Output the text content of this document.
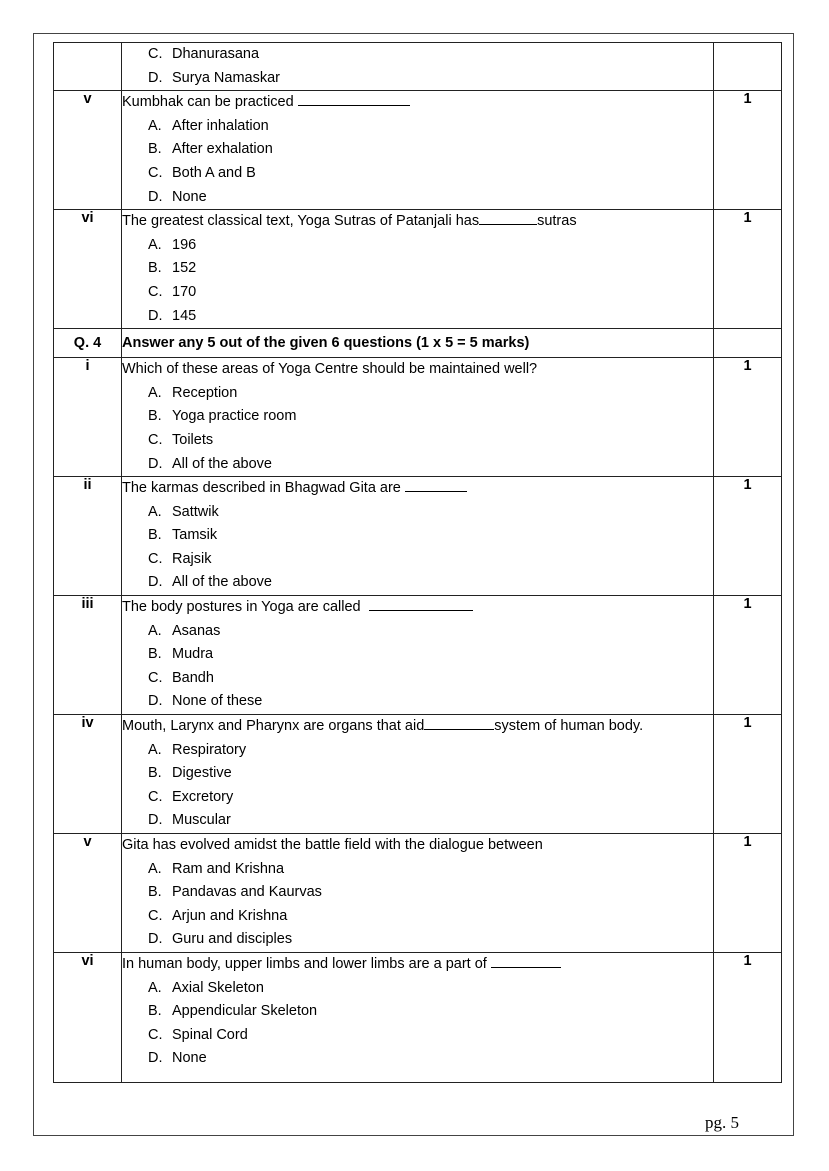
	C. Dhanurasana
D. Surya Namaskar	

v	Kumbhak can be practiced
A. After inhalation
B. After exhalation
C. Both A and B
D. None	1
vi	The greatest classical text, Yoga Sutras of Patanjali has sutras
A. 196
B. 152
C. 170
D. 145	1
Q. 4	Answer any 5 out of the given 6 questions (1 x 5 = 5 marks)	

i	Which of these areas of Yoga Centre should be maintained well?
A. Reception
B. Yoga practice room
C. Toilets
D. All of the above	1
ii	The karmas described in Bhagwad Gita are
A. Sattwik
B. Tamsik
C. Rajsik
D. All of the above	1
iii	The body postures in Yoga are called
A. Asanas
B. Mudra
C. Bandh
D. None of these	1
iv	Mouth, Larynx and Pharynx are organs that aid system of human body.
A. Respiratory
B. Digestive
C. Excretory
D. Muscular	1
v	Gita has evolved amidst the battle field with the dialogue between
A. Ram and Krishna
B. Pandavas and Kaurvas
C. Arjun and Krishna
D. Guru and disciples	1
vi	In human body, upper limbs and lower limbs are a part of
A. Axial Skeleton
B. Appendicular Skeleton
C. Spinal Cord
D. None	1
pg. 5
